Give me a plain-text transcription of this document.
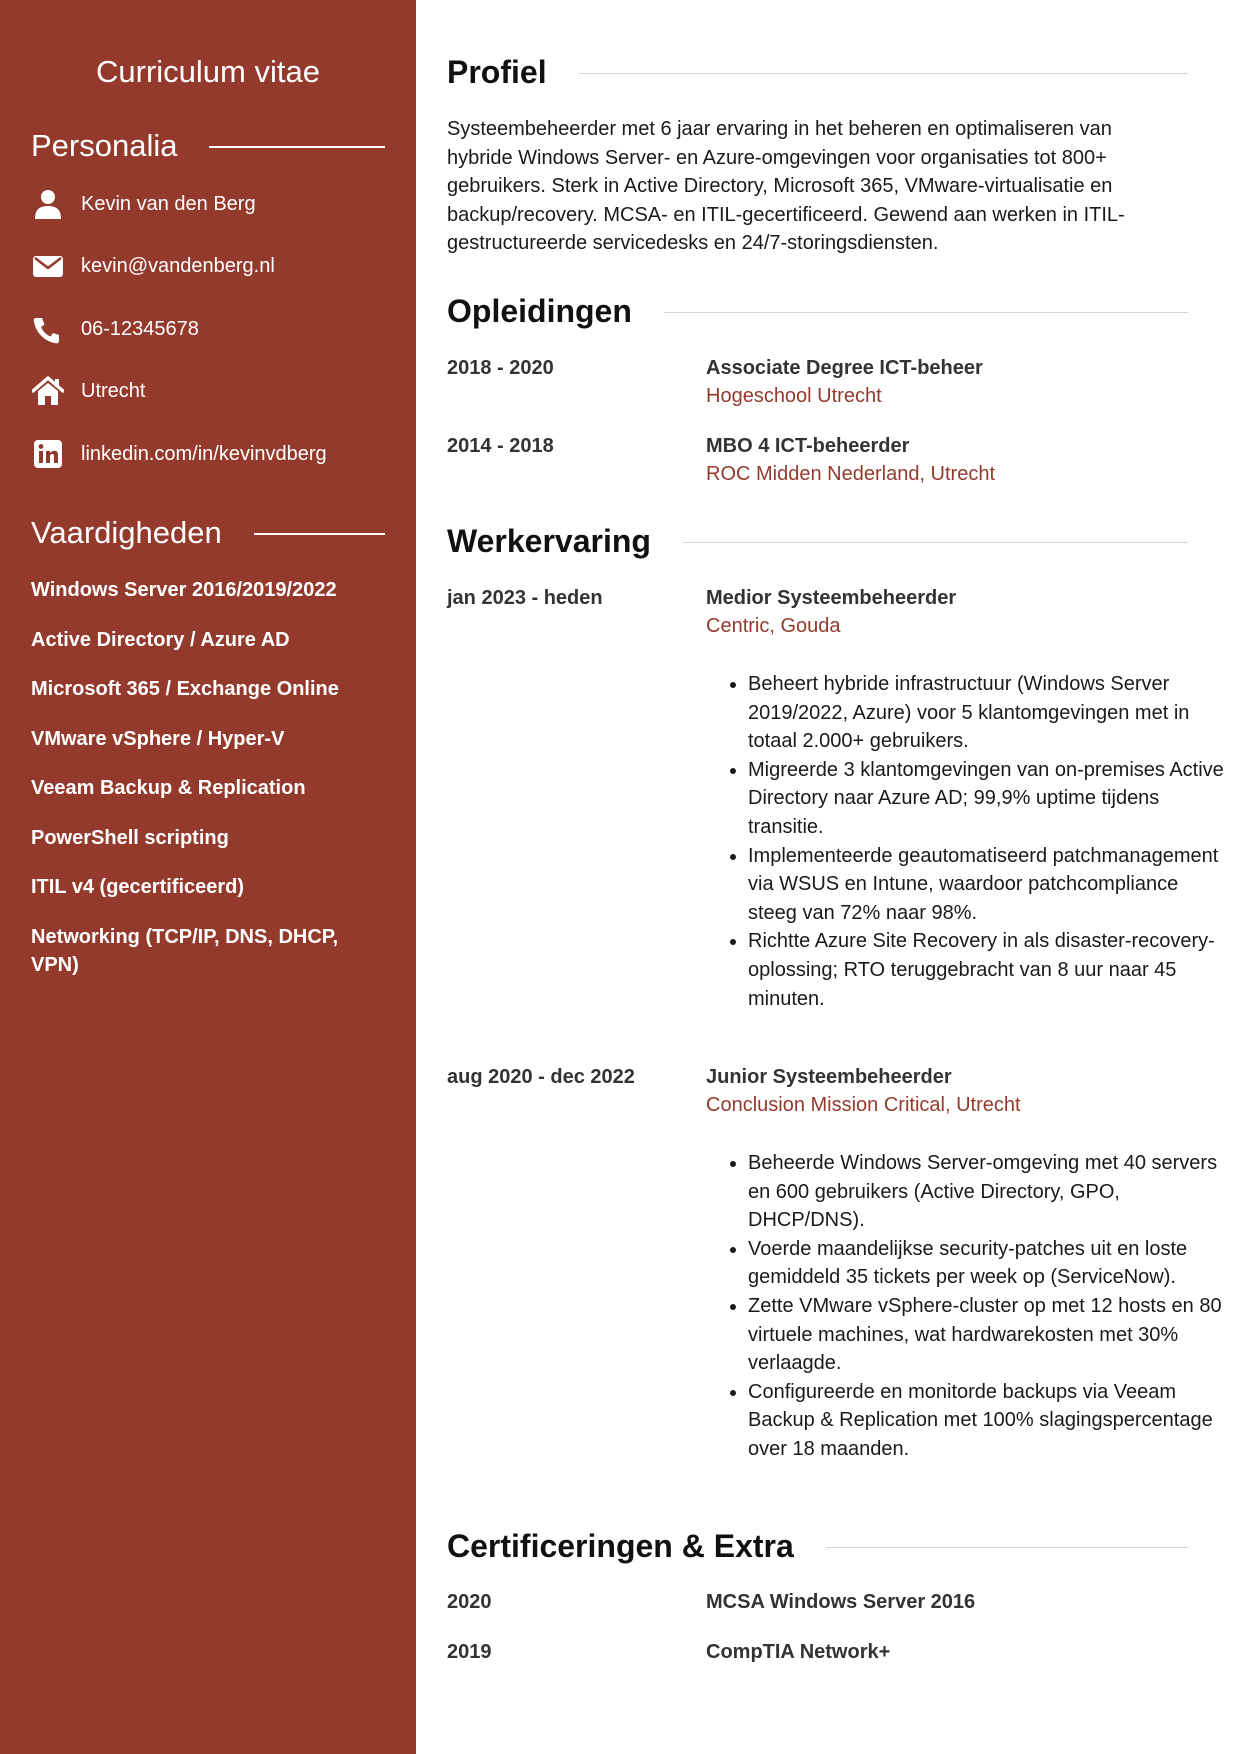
Curriculum vitae
Personalia
Kevin van den Berg
kevin@vandenberg.nl
06-12345678
Utrecht
linkedin.com/in/kevinvdberg
Vaardigheden
Windows Server 2016/2019/2022
Active Directory / Azure AD
Microsoft 365 / Exchange Online
VMware vSphere / Hyper-V
Veeam Backup & Replication
PowerShell scripting
ITIL v4 (gecertificeerd)
Networking (TCP/IP, DNS, DHCP, VPN)
Profiel
Systeembeheerder met 6 jaar ervaring in het beheren en optimaliseren van hybride Windows Server- en Azure-omgevingen voor organisaties tot 800+ gebruikers. Sterk in Active Directory, Microsoft 365, VMware-virtualisatie en backup/recovery. MCSA- en ITIL-gecertificeerd. Gewend aan werken in ITIL-gestructureerde servicedesks en 24/7-storingsdiensten.
Opleidingen
2018 - 2020	Associate Degree ICT-beheer
Hogeschool Utrecht
2014 - 2018	MBO 4 ICT-beheerder
ROC Midden Nederland, Utrecht
Werkervaring
jan 2023 - heden	Medior Systeembeheerder
Centric, Gouda
• Beheert hybride infrastructuur (Windows Server 2019/2022, Azure) voor 5 klantomgevingen met in totaal 2.000+ gebruikers.
• Migreerde 3 klantomgevingen van on-premises Active Directory naar Azure AD; 99,9% uptime tijdens transitie.
• Implementeerde geautomatiseerd patchmanagement via WSUS en Intune, waardoor patchcompliance steeg van 72% naar 98%.
• Richtte Azure Site Recovery in als disaster-recovery-oplossing; RTO teruggebracht van 8 uur naar 45 minuten.
aug 2020 - dec 2022	Junior Systeembeheerder
Conclusion Mission Critical, Utrecht
• Beheerde Windows Server-omgeving met 40 servers en 600 gebruikers (Active Directory, GPO, DHCP/DNS).
• Voerde maandelijkse security-patches uit en loste gemiddeld 35 tickets per week op (ServiceNow).
• Zette VMware vSphere-cluster op met 12 hosts en 80 virtuele machines, wat hardwarekosten met 30% verlaagde.
• Configureerde en monitorde backups via Veeam Backup & Replication met 100% slagingspercentage over 18 maanden.
Certificeringen & Extra
2020	MCSA Windows Server 2016
2019	CompTIA Network+
